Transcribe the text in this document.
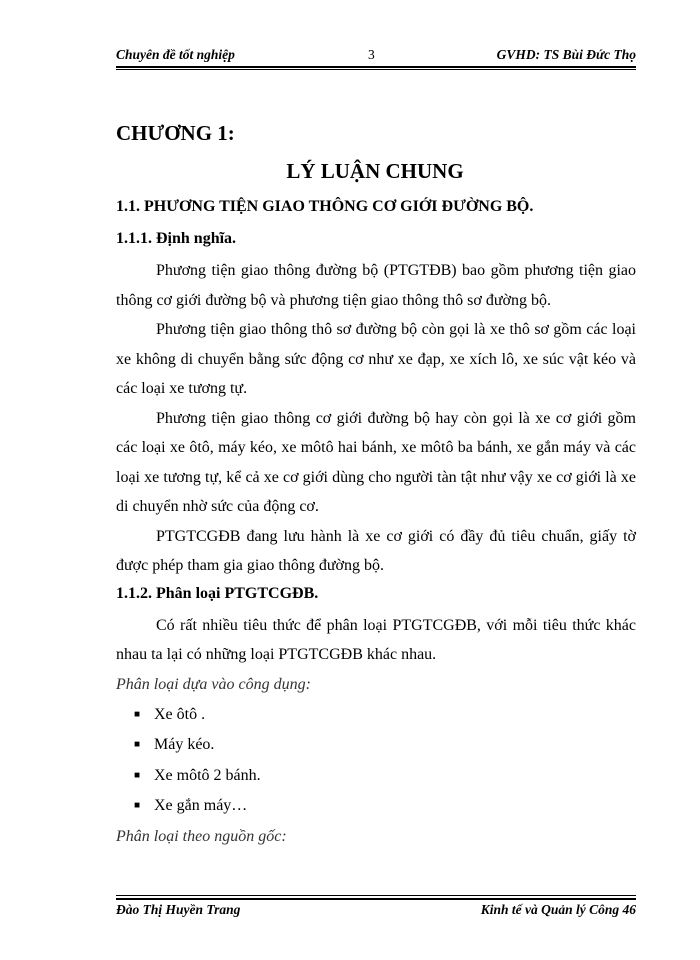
Chuyên đề tốt nghiệp	3	GVHD: TS Bùi Đức Thọ
CHƯƠNG 1:
LÝ LUẬN CHUNG
1.1. PHƯƠNG TIỆN GIAO THÔNG CƠ GIỚI ĐƯỜNG BỘ.
1.1.1. Định nghĩa.

Phương tiện giao thông đường bộ (PTGTĐB) bao gồm phương tiện giao thông cơ giới đường bộ và phương tiện giao thông thô sơ đường bộ.

Phương tiện giao thông thô sơ đường bộ còn gọi là xe thô sơ gồm các loại xe không di chuyển bằng sức động cơ như xe đạp, xe xích lô, xe súc vật kéo và các loại xe tương tự.

Phương tiện giao thông cơ giới đường bộ hay còn gọi là xe cơ giới gồm các loại xe ôtô, máy kéo, xe môtô hai bánh, xe môtô ba bánh, xe gắn máy và các loại xe tương tự, kể cả xe cơ giới dùng cho người tàn tật như vậy xe cơ giới là xe di chuyển nhờ sức của động cơ.

PTGTCGĐB đang lưu hành là xe cơ giới có đầy đủ tiêu chuẩn, giấy tờ được phép tham gia giao thông đường bộ.

1.1.2. Phân loại PTGTCGĐB.

Có rất nhiều tiêu thức để phân loại PTGTCGĐB, với mỗi tiêu thức khác nhau ta lại có những loại PTGTCGĐB khác nhau.

Phân loại dựa vào công dụng:

■ Xe ôtô .
■ Máy kéo.
■ Xe môtô 2 bánh.
■ Xe gắn máy…

Phân loại theo nguồn gốc:

Đào Thị Huyền Trang	Kinh tế và Quản lý Công 46
